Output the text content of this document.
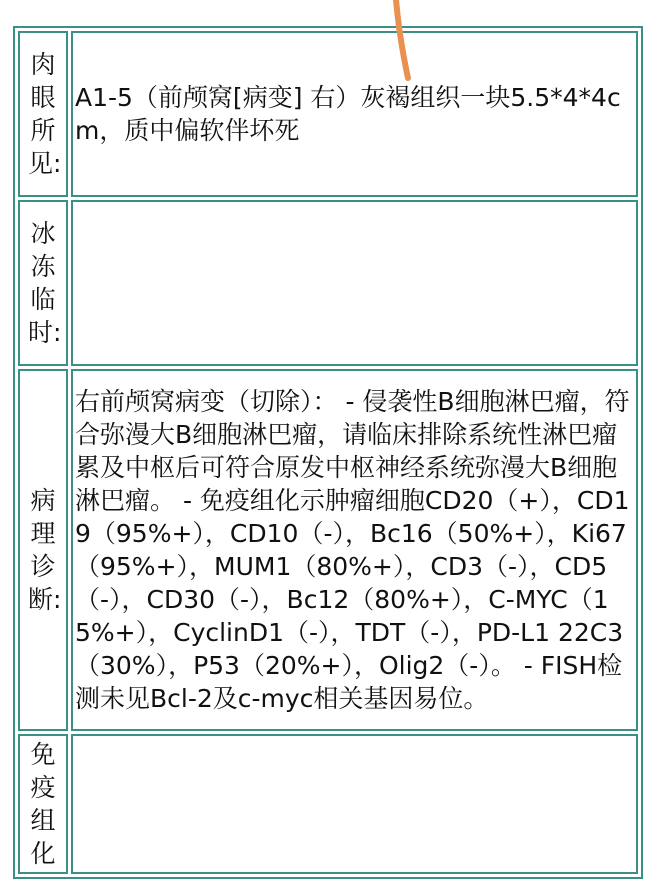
肉眼所见:	A1-5（前颅窝[病变] 右）灰褐组织一块5.5*4*4cm，质中偏软伴坏死

冰冻临时:	

病理诊断:	右前颅窝病变（切除）： - 侵袭性B细胞淋巴瘤，符合弥漫大B细胞淋巴瘤，请临床排除系统性淋巴瘤累及中枢后可符合原发中枢神经系统弥漫大B细胞淋巴瘤。 - 免疫组化示肿瘤细胞CD20（+），CD19（95%+），CD10（-），Bc16（50%+），Ki67（95%+），MUM1（80%+），CD3（-），CD5（-），CD30（-），Bc12（80%+），C-MYC（15%+），CyclinD1（-），TDT（-），PD-L1 22C3（30%），P53（20%+），Olig2（-）。 - FISH检测未见Bcl-2及c-myc相关基因易位。

免疫组化	
